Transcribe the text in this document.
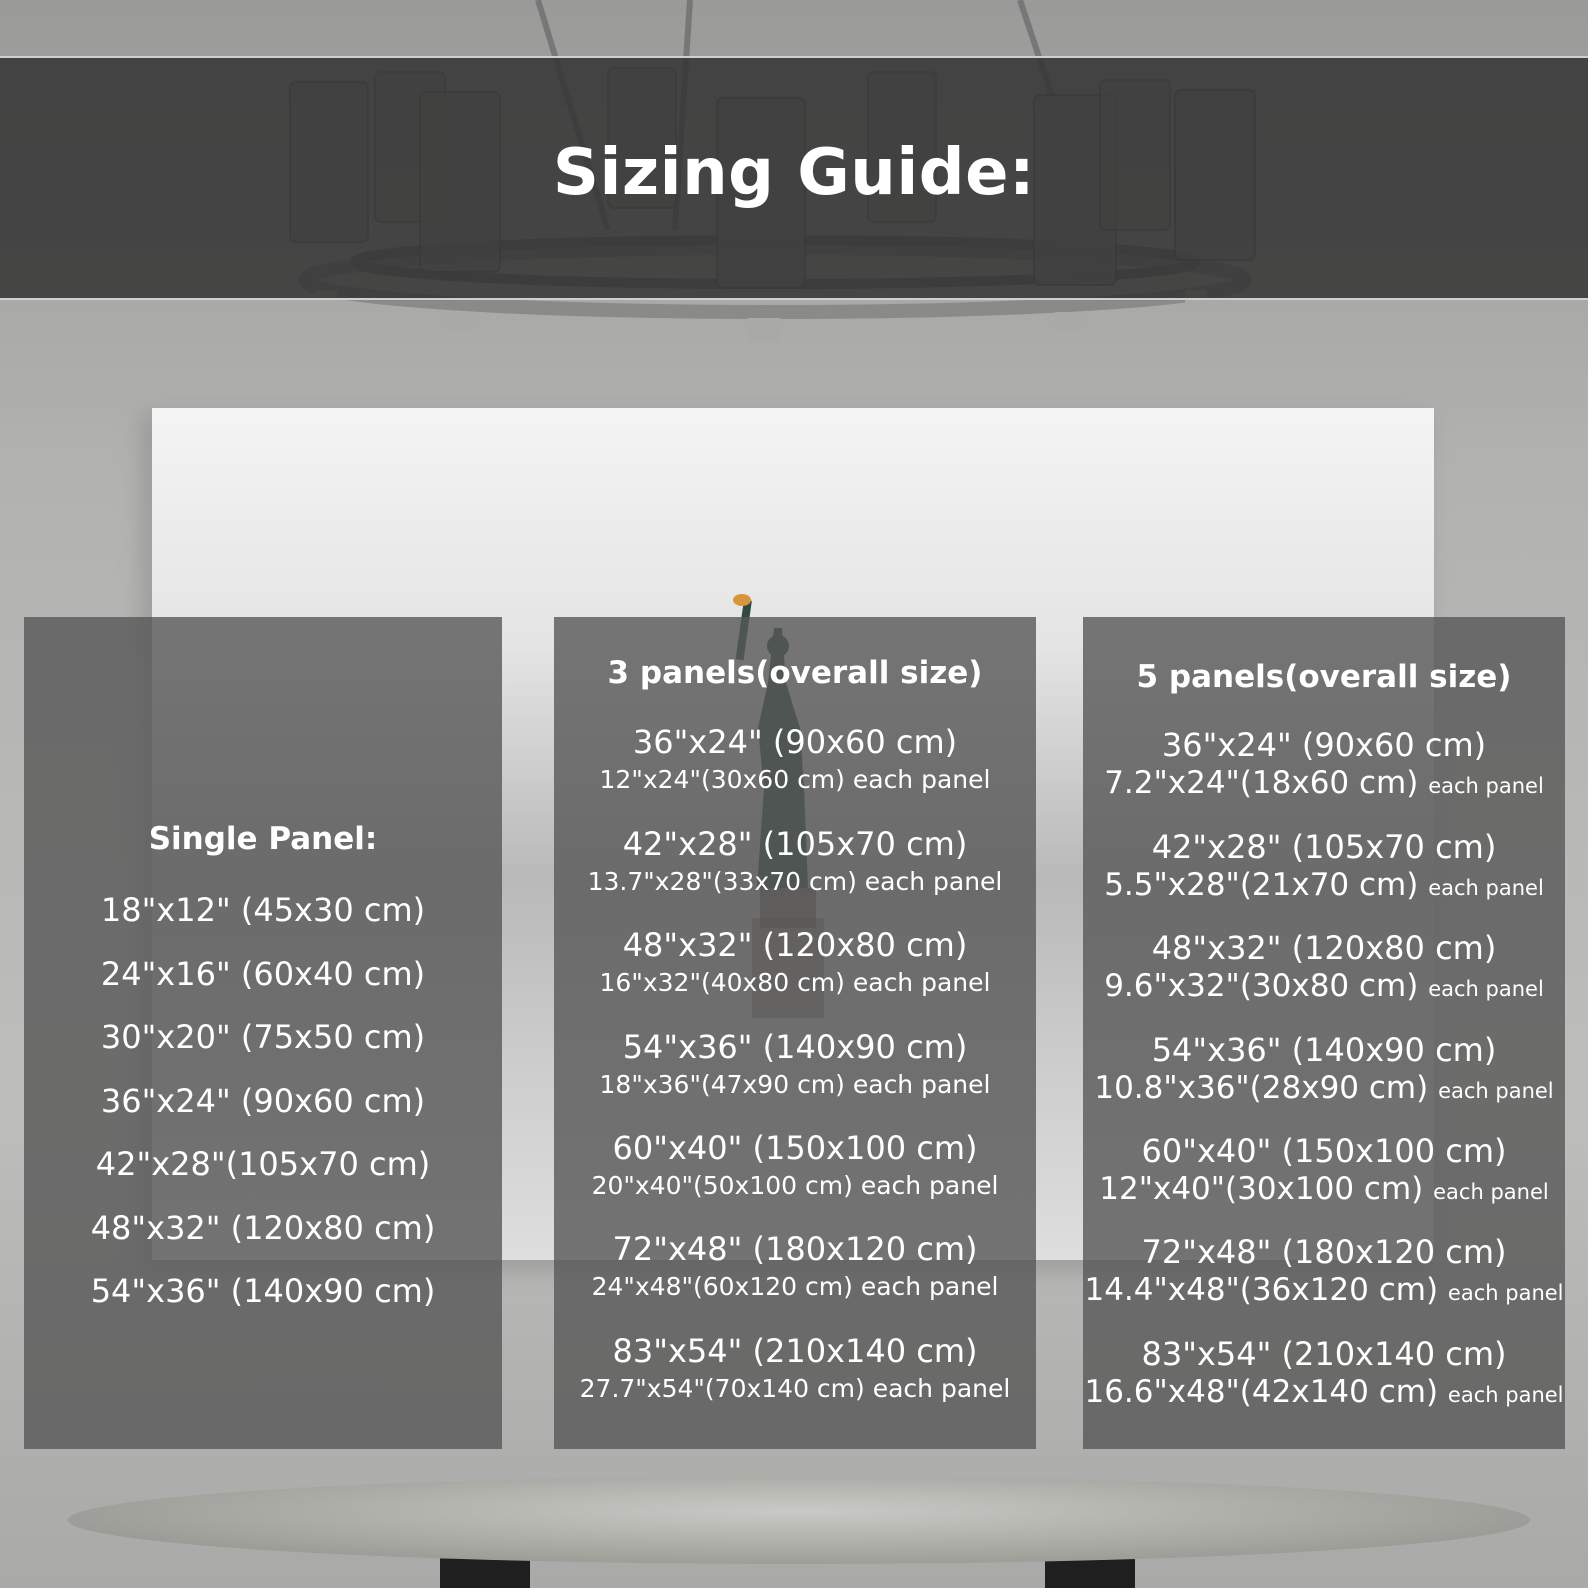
Sizing Guide:
Single Panel:
18"x12" (45x30 cm)
24"x16" (60x40 cm)
30"x20" (75x50 cm)
36"x24" (90x60 cm)
42"x28"(105x70 cm)
48"x32" (120x80 cm)
54"x36" (140x90 cm)
3 panels(overall size)
36"x24" (90x60 cm)
12"x24"(30x60 cm) each panel
42"x28" (105x70 cm)
13.7"x28"(33x70 cm) each panel
48"x32" (120x80 cm)
16"x32"(40x80 cm) each panel
54"x36" (140x90 cm)
18"x36"(47x90 cm) each panel
60"x40" (150x100 cm)
20"x40"(50x100 cm) each panel
72"x48" (180x120 cm)
24"x48"(60x120 cm) each panel
83"x54" (210x140 cm)
27.7"x54"(70x140 cm) each panel
5 panels(overall size)
36"x24" (90x60 cm)
7.2"x24"(18x60 cm) each panel
42"x28" (105x70 cm)
5.5"x28"(21x70 cm) each panel
48"x32" (120x80 cm)
9.6"x32"(30x80 cm) each panel
54"x36" (140x90 cm)
10.8"x36"(28x90 cm) each panel
60"x40" (150x100 cm)
12"x40"(30x100 cm) each panel
72"x48" (180x120 cm)
14.4"x48"(36x120 cm) each panel
83"x54" (210x140 cm)
16.6"x48"(42x140 cm) each panel
